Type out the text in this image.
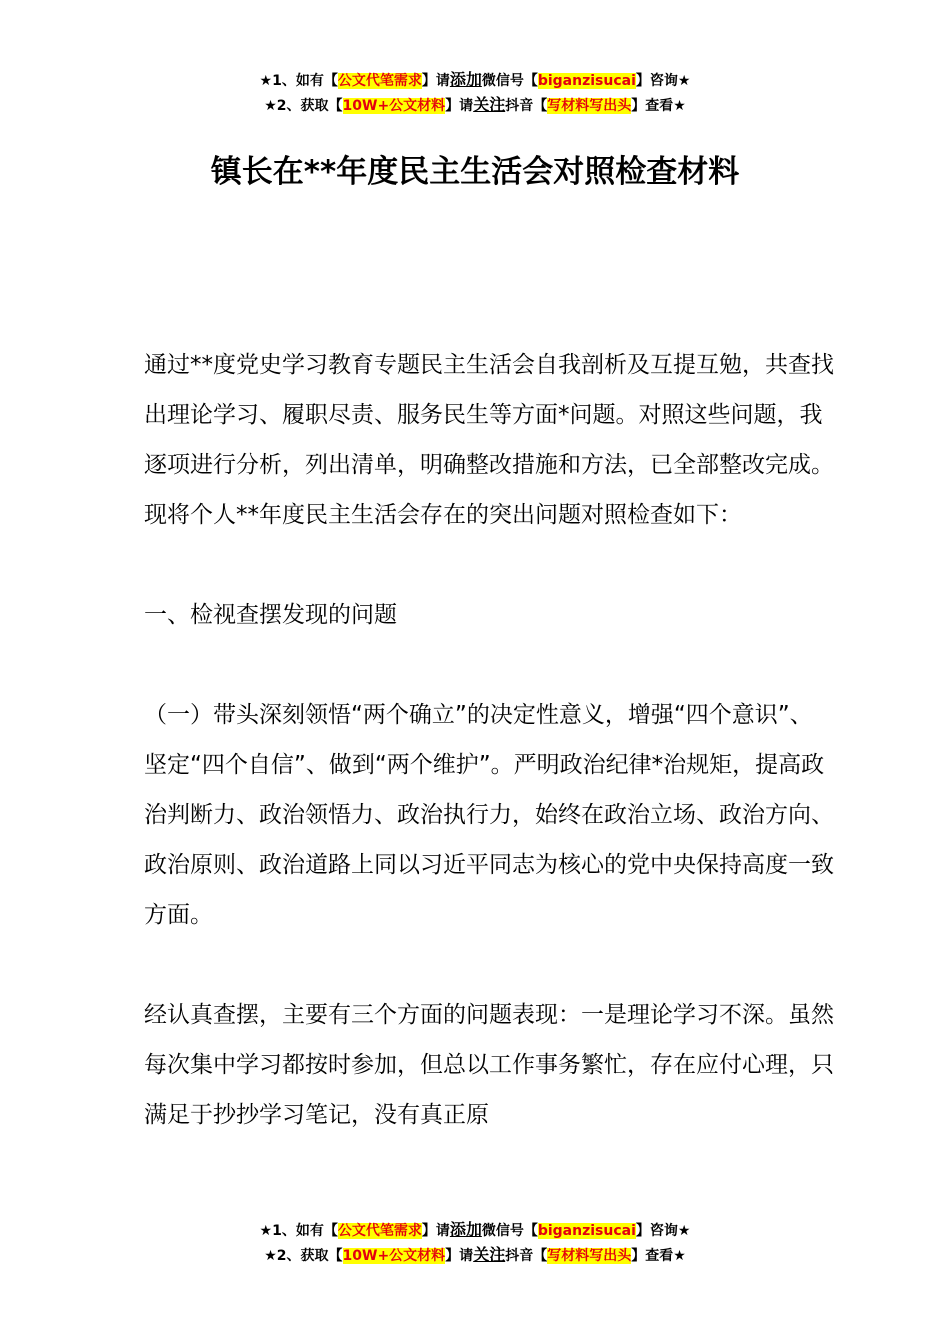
★1、如有【公文代笔需求】请添加微信号【biganzisucai】咨询★
★2、获取【10W+公文材料】请关注抖音【写材料写出头】查看★
镇长在**年度民主生活会对照检查材料

通过**度党史学习教育专题民主生活会自我剖析及互提互勉，共查找出理论学习、履职尽责、服务民生等方面*问题。对照这些问题，我逐项进行分析，列出清单，明确整改措施和方法，已全部整改完成。现将个人**年度民主生活会存在的突出问题对照检查如下：

一、检视查摆发现的问题

（一）带头深刻领悟“两个确立”的决定性意义，增强“四个意识”、坚定“四个自信”、做到“两个维护”。严明政治纪律*治规矩，提高政治判断力、政治领悟力、政治执行力，始终在政治立场、政治方向、政治原则、政治道路上同以习近平同志为核心的党中央保持高度一致方面。

经认真查摆，主要有三个方面的问题表现：一是理论学习不深。虽然每次集中学习都按时参加，但总以工作事务繁忙，存在应付心理，只满足于抄抄学习笔记，没有真正原

★1、如有【公文代笔需求】请添加微信号【biganzisucai】咨询★
★2、获取【10W+公文材料】请关注抖音【写材料写出头】查看★
